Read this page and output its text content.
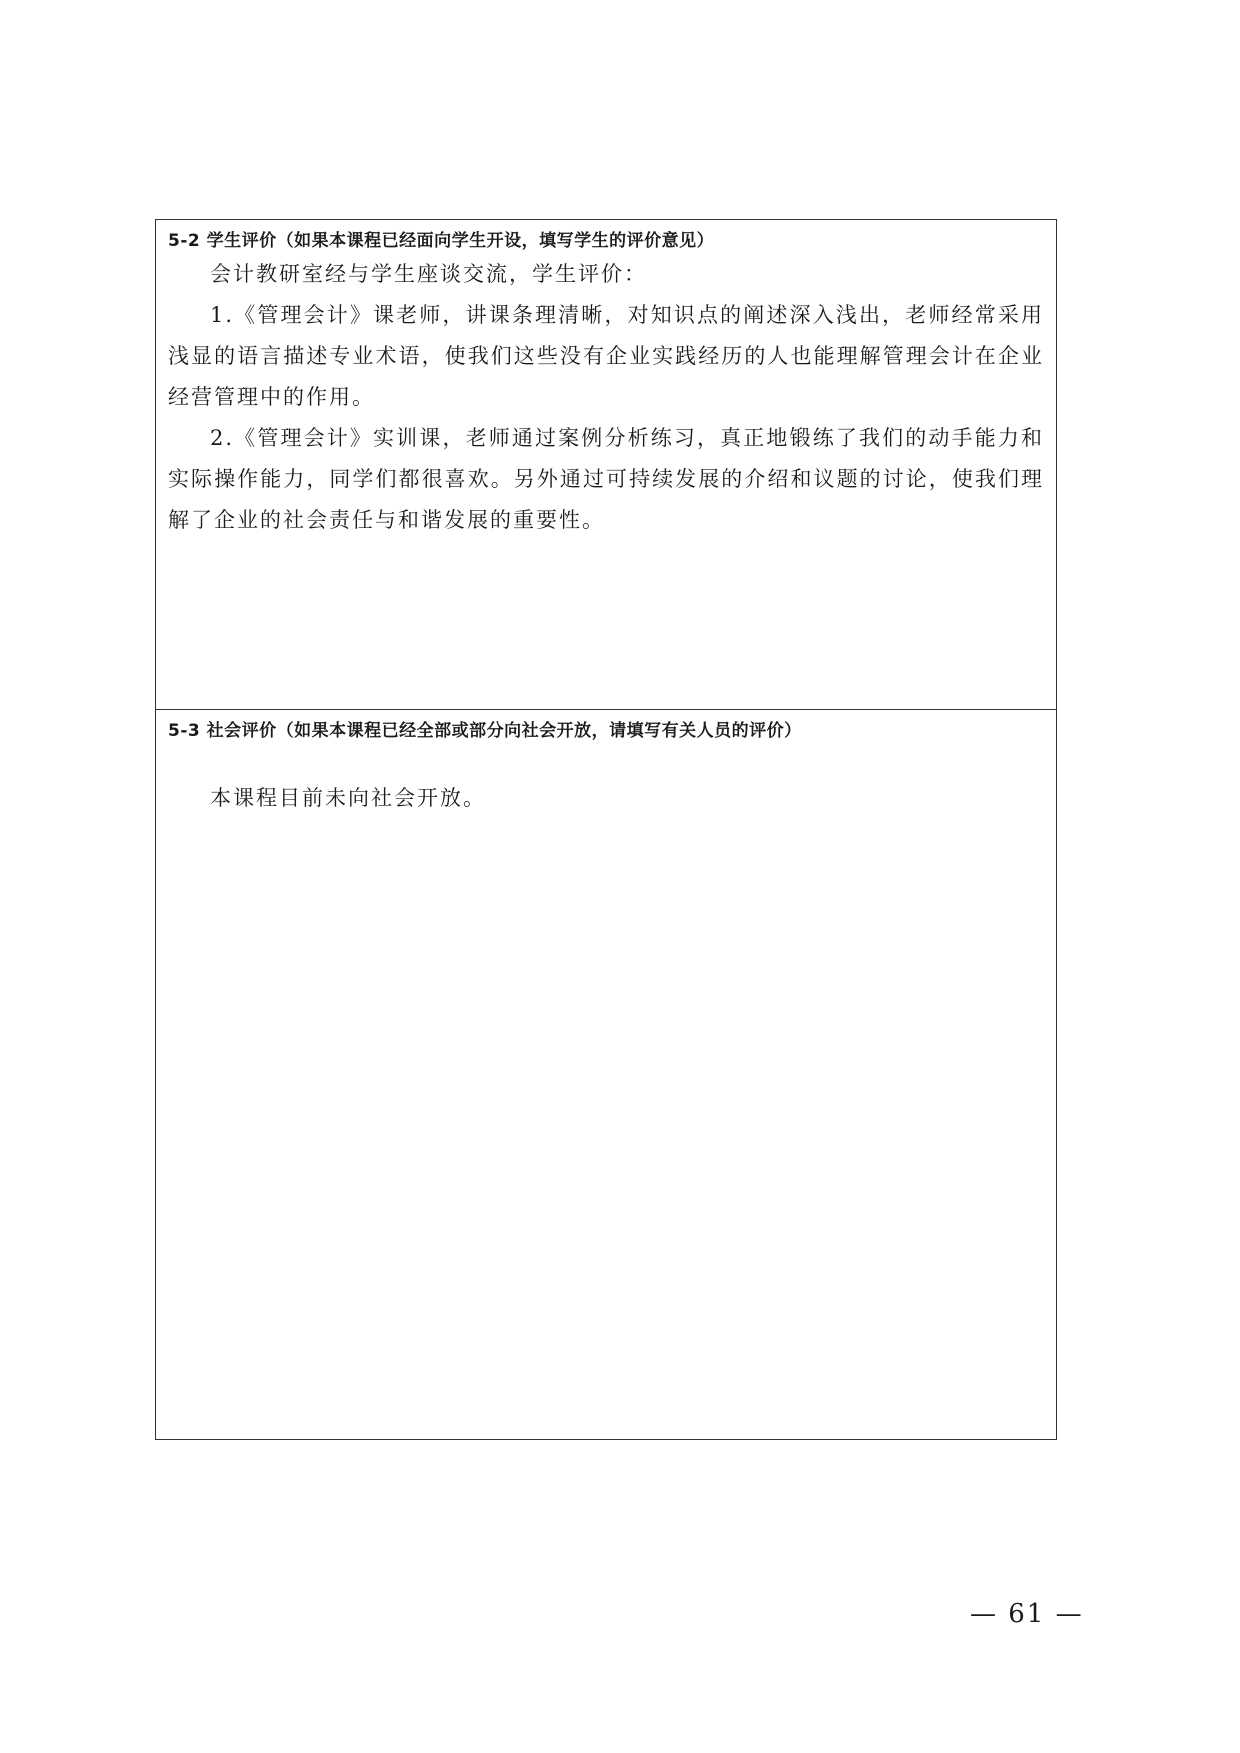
5-2 学生评价（如果本课程已经面向学生开设，填写学生的评价意见）

会计教研室经与学生座谈交流，学生评价：

1.《管理会计》课老师，讲课条理清晰，对知识点的阐述深入浅出，老师经常采用浅显的语言描述专业术语，使我们这些没有企业实践经历的人也能理解管理会计在企业经营管理中的作用。

2.《管理会计》实训课，老师通过案例分析练习，真正地锻练了我们的动手能力和实际操作能力，同学们都很喜欢。另外通过可持续发展的介绍和议题的讨论，使我们理解了企业的社会责任与和谐发展的重要性。

5-3 社会评价（如果本课程已经全部或部分向社会开放，请填写有关人员的评价）

本课程目前未向社会开放。

— 61 —
